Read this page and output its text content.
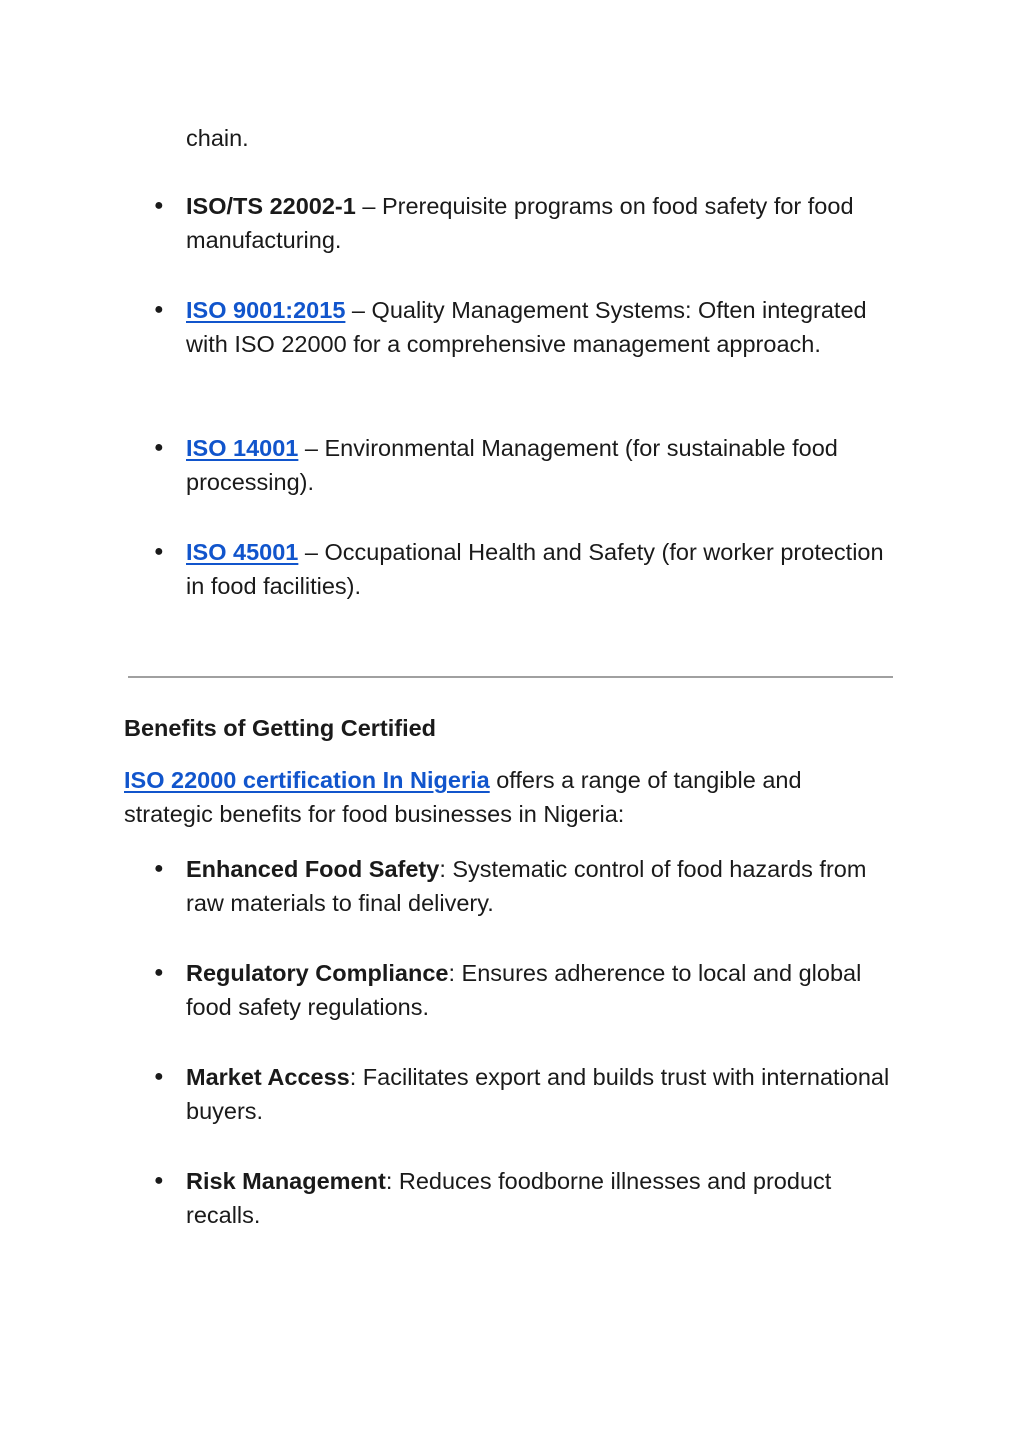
chain.
● ISO/TS 22002-1 – Prerequisite programs on food safety for food manufacturing.
● ISO 9001:2015 – Quality Management Systems: Often integrated with ISO 22000 for a comprehensive management approach.
● ISO 14001 – Environmental Management (for sustainable food processing).
● ISO 45001 – Occupational Health and Safety (for worker protection in food facilities).
Benefits of Getting Certified

ISO 22000 certification In Nigeria offers a range of tangible and strategic benefits for food businesses in Nigeria:

● Enhanced Food Safety: Systematic control of food hazards from raw materials to final delivery.
● Regulatory Compliance: Ensures adherence to local and global food safety regulations.
● Market Access: Facilitates export and builds trust with international buyers.
● Risk Management: Reduces foodborne illnesses and product recalls.
